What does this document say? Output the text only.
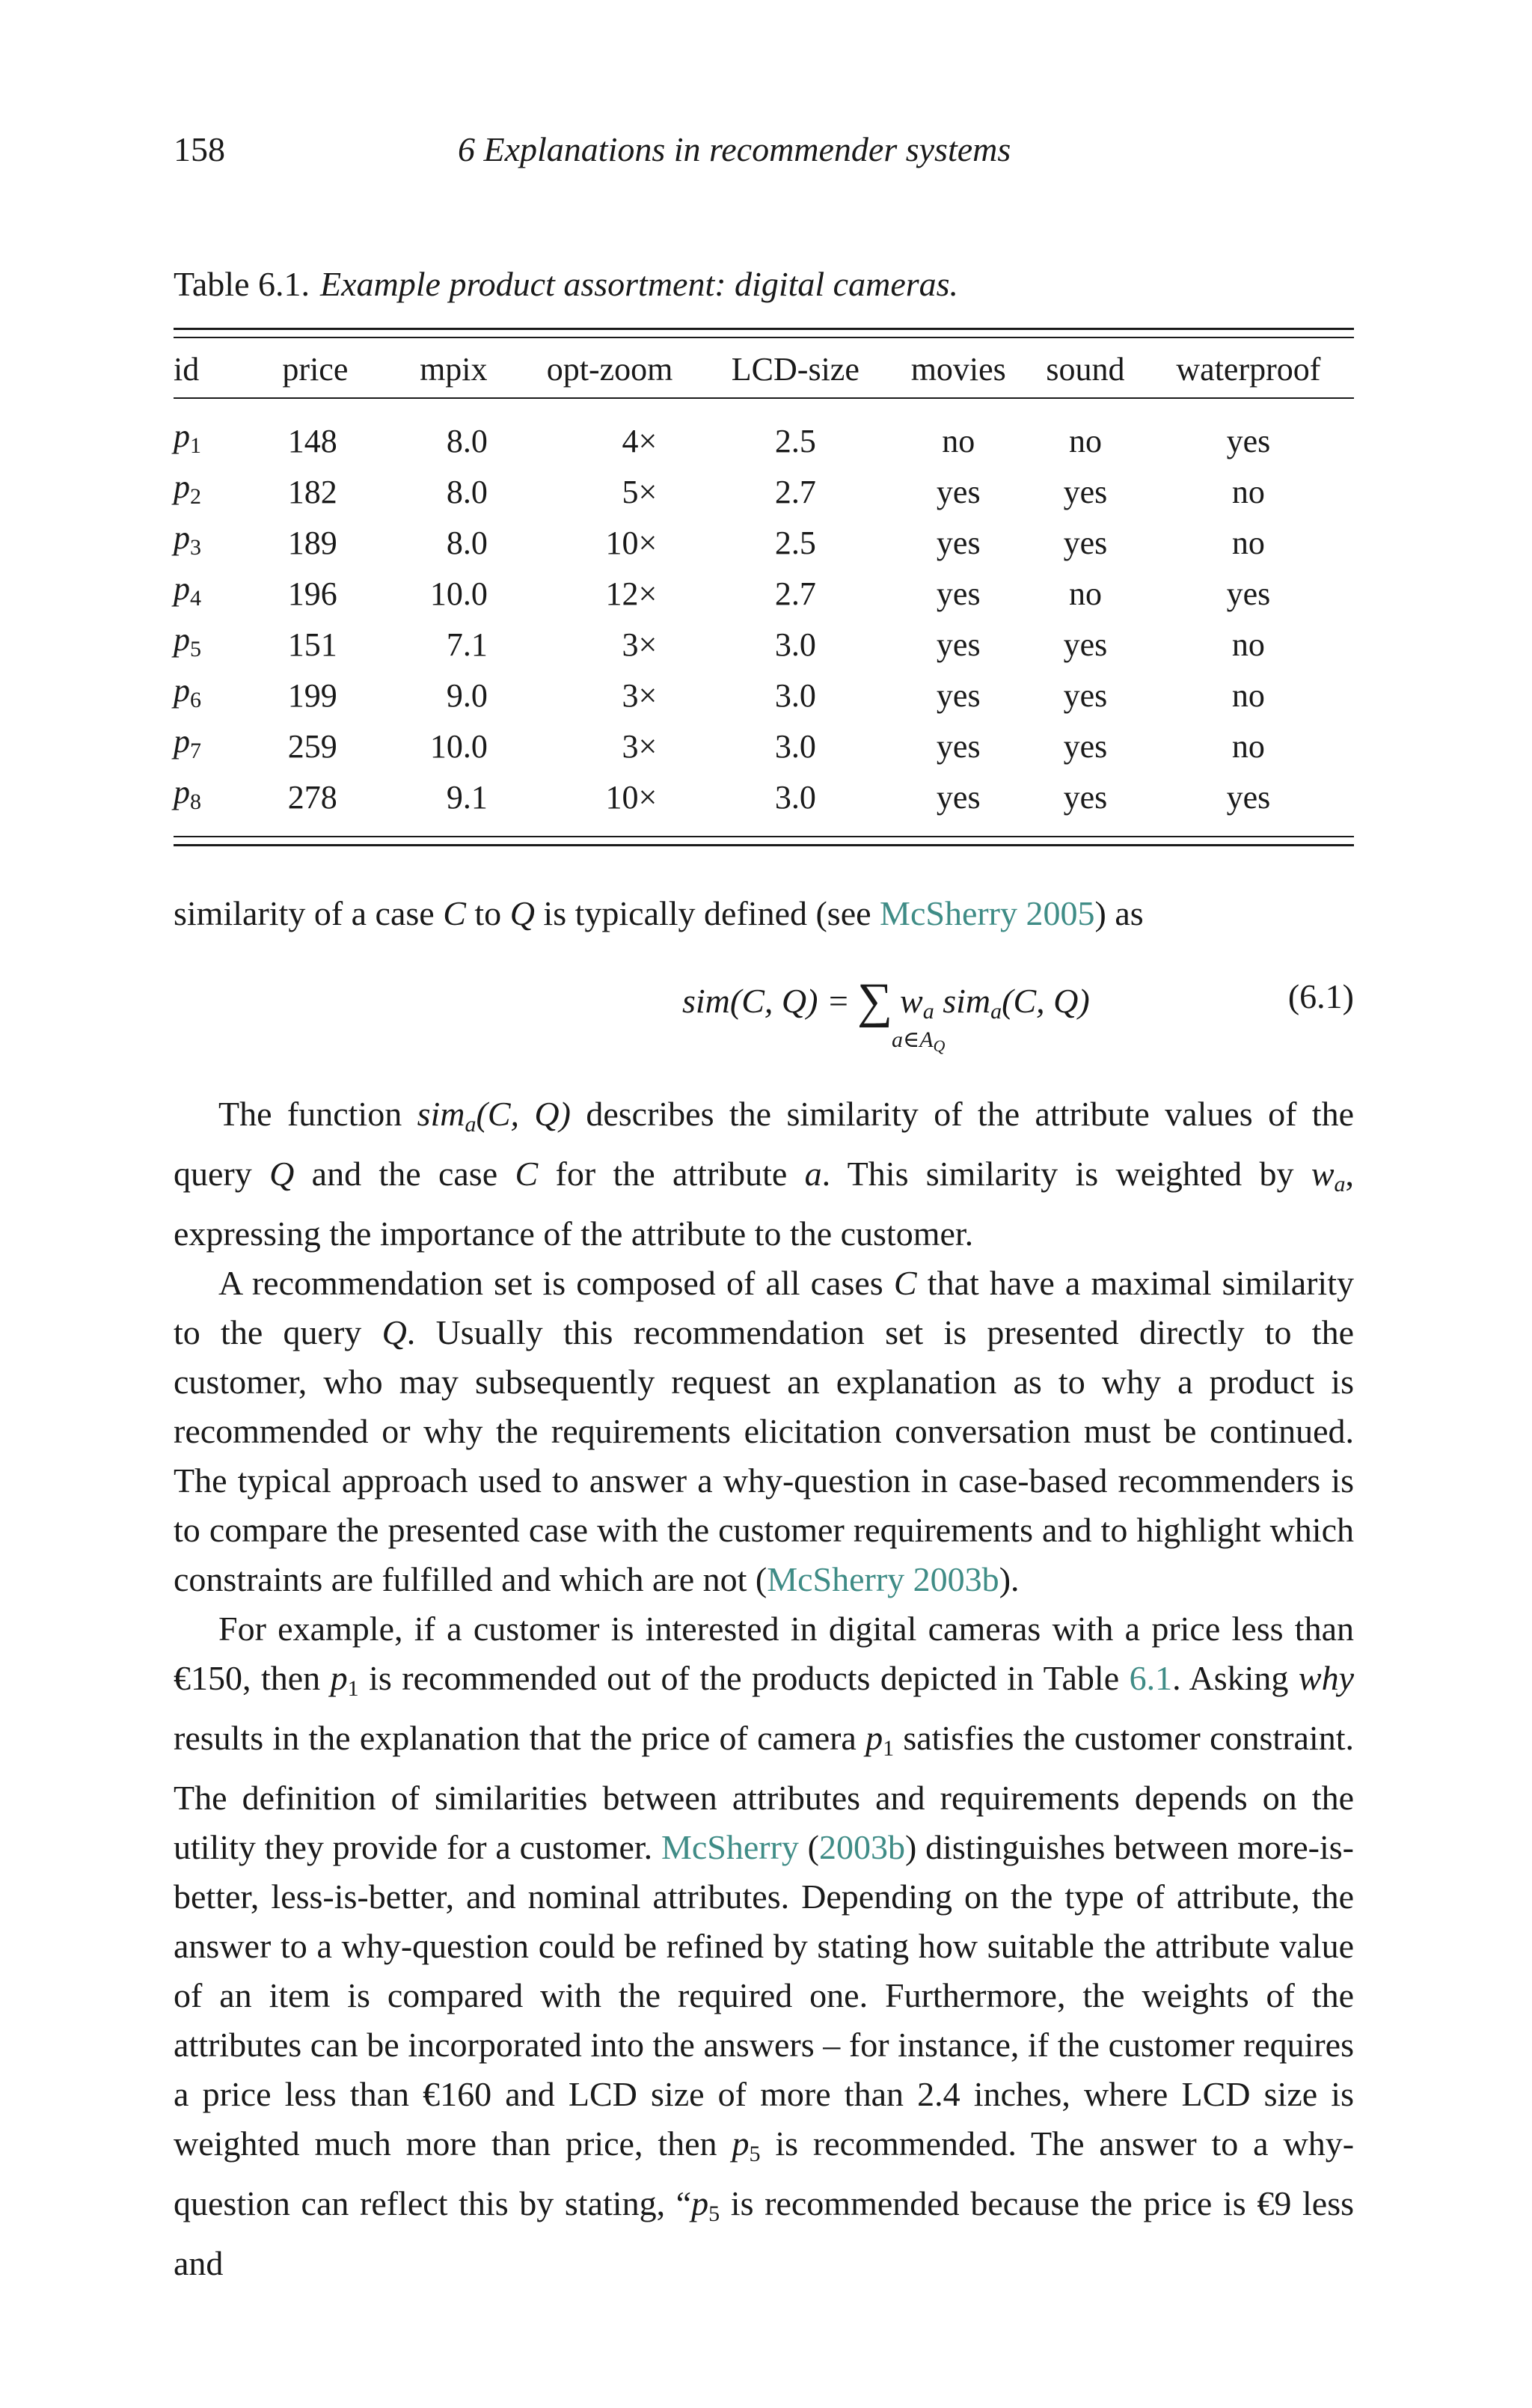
158	6 Explanations in recommender systems
Table 6.1. Example product assortment: digital cameras.
id	price	mpix	opt-zoom	LCD-size	movies	sound	waterproof

$p_1$	148	8.0	4×	2.5	no	no	yes
$p_2$	182	8.0	5×	2.7	yes	yes	no
$p_3$	189	8.0	10×	2.5	yes	yes	no
$p_4$	196	10.0	12×	2.7	yes	no	yes
$p_5$	151	7.1	3×	3.0	yes	yes	no
$p_6$	199	9.0	3×	3.0	yes	yes	no
$p_7$	259	10.0	3×	3.0	yes	yes	no
$p_8$	278	9.1	10×	3.0	yes	yes	yes

similarity of a case C to Q is typically defined (see McSherry 2005) as

sim(C, Q) = ∑ $w_a$ sim$_a$(C, Q)
$a\in A_Q$
(6.1)

The function sim$_a$(C, Q) describes the similarity of the attribute values of the query Q and the case C for the attribute a. This similarity is weighted by $w_a$, expressing the importance of the attribute to the customer.

A recommendation set is composed of all cases C that have a maximal similarity to the query Q. Usually this recommendation set is presented directly to the customer, who may subsequently request an explanation as to why a product is recommended or why the requirements elicitation conversation must be continued. The typical approach used to answer a why-question in case-based recommenders is to compare the presented case with the customer requirements and to highlight which constraints are fulfilled and which are not (McSherry 2003b).

For example, if a customer is interested in digital cameras with a price less than €150, then $p_1$ is recommended out of the products depicted in Table 6.1. Asking why results in the explanation that the price of camera $p_1$ satisfies the customer constraint. The definition of similarities between attributes and requirements depends on the utility they provide for a customer. McSherry (2003b) distinguishes between more-is-better, less-is-better, and nominal attributes. Depending on the type of attribute, the answer to a why-question could be refined by stating how suitable the attribute value of an item is compared with the required one. Furthermore, the weights of the attributes can be incorporated into the answers – for instance, if the customer requires a price less than €160 and LCD size of more than 2.4 inches, where LCD size is weighted much more than price, then $p_5$ is recommended. The answer to a why-question can reflect this by stating, “$p_5$ is recommended because the price is €9 less and
